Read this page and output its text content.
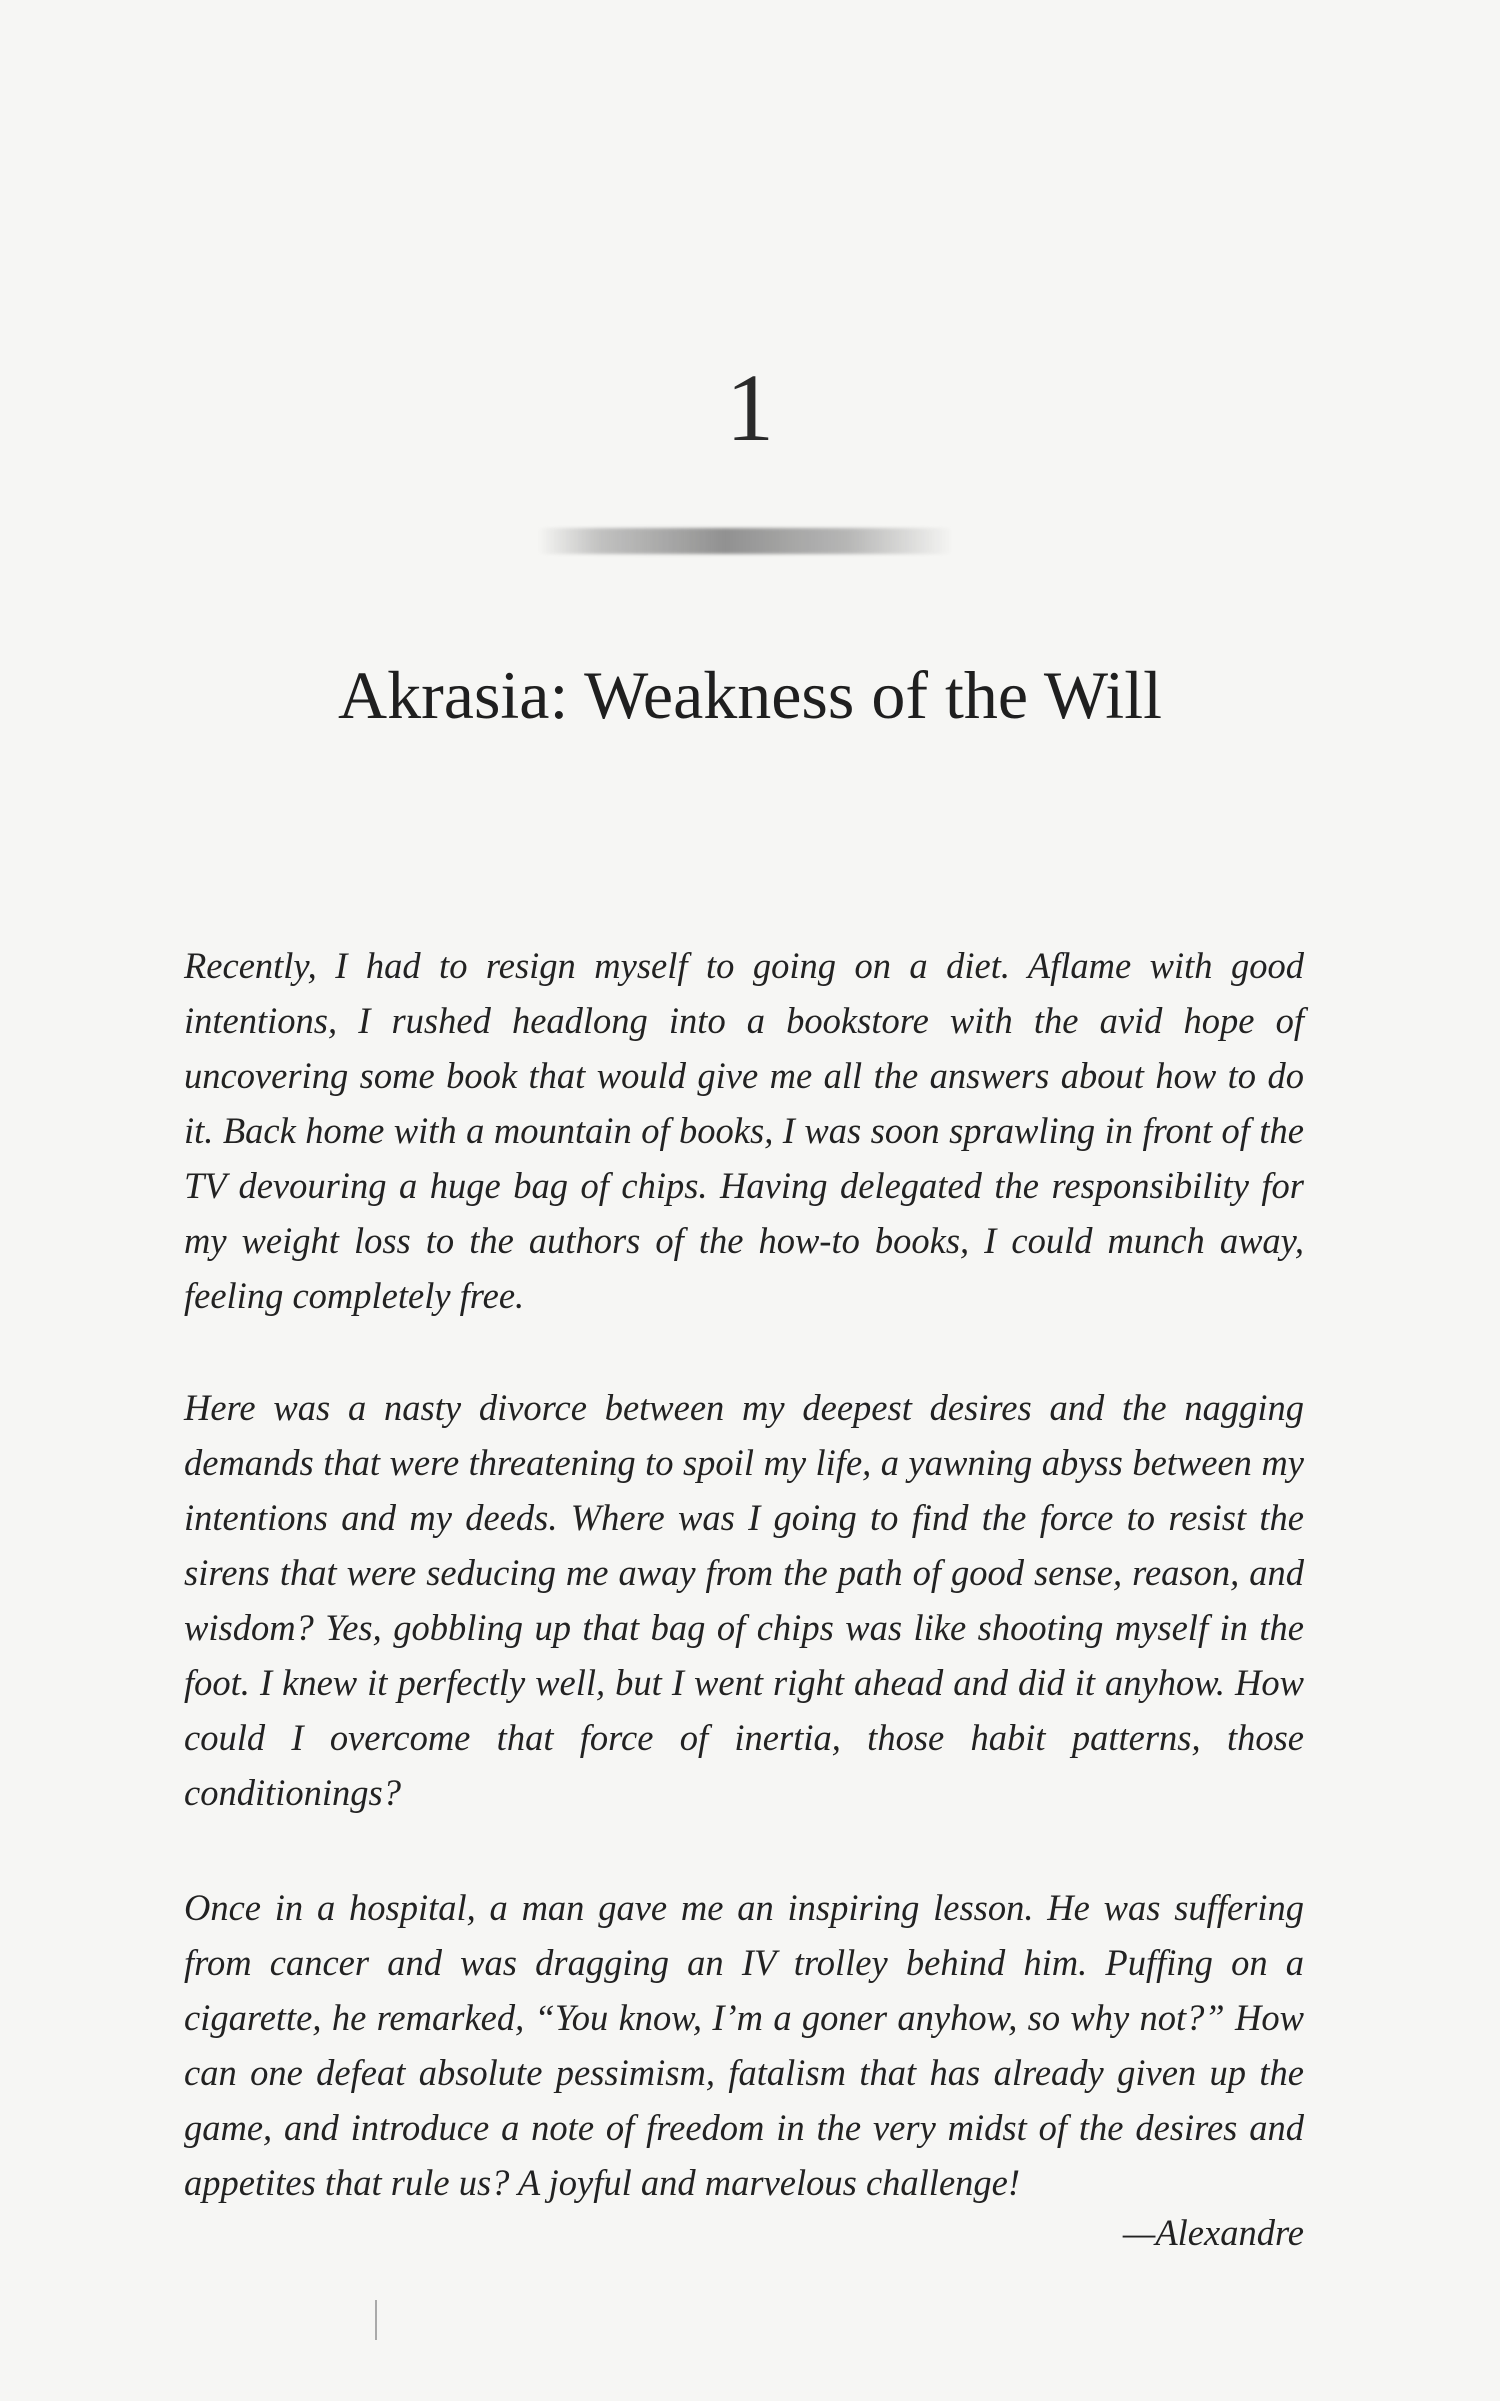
1
Akrasia: Weakness of the Will

Recently, I had to resign myself to going on a diet. Aflame with good intentions, I rushed headlong into a bookstore with the avid hope of uncovering some book that would give me all the answers about how to do it. Back home with a mountain of books, I was soon sprawling in front of the TV devouring a huge bag of chips. Having delegated the responsibility for my weight loss to the authors of the how-to books, I could munch away, feeling completely free.

Here was a nasty divorce between my deepest desires and the nagging demands that were threatening to spoil my life, a yawning abyss between my intentions and my deeds. Where was I going to find the force to resist the sirens that were seducing me away from the path of good sense, reason, and wisdom? Yes, gobbling up that bag of chips was like shooting myself in the foot. I knew it perfectly well, but I went right ahead and did it anyhow. How could I overcome that force of inertia, those habit patterns, those conditionings?

Once in a hospital, a man gave me an inspiring lesson. He was suffering from cancer and was dragging an IV trolley behind him. Puffing on a cigarette, he remarked, “You know, I’m a goner anyhow, so why not?” How can one defeat absolute pessimism, fatalism that has already given up the game, and introduce a note of freedom in the very midst of the desires and appetites that rule us? A joyful and marvelous challenge!

—Alexandre
